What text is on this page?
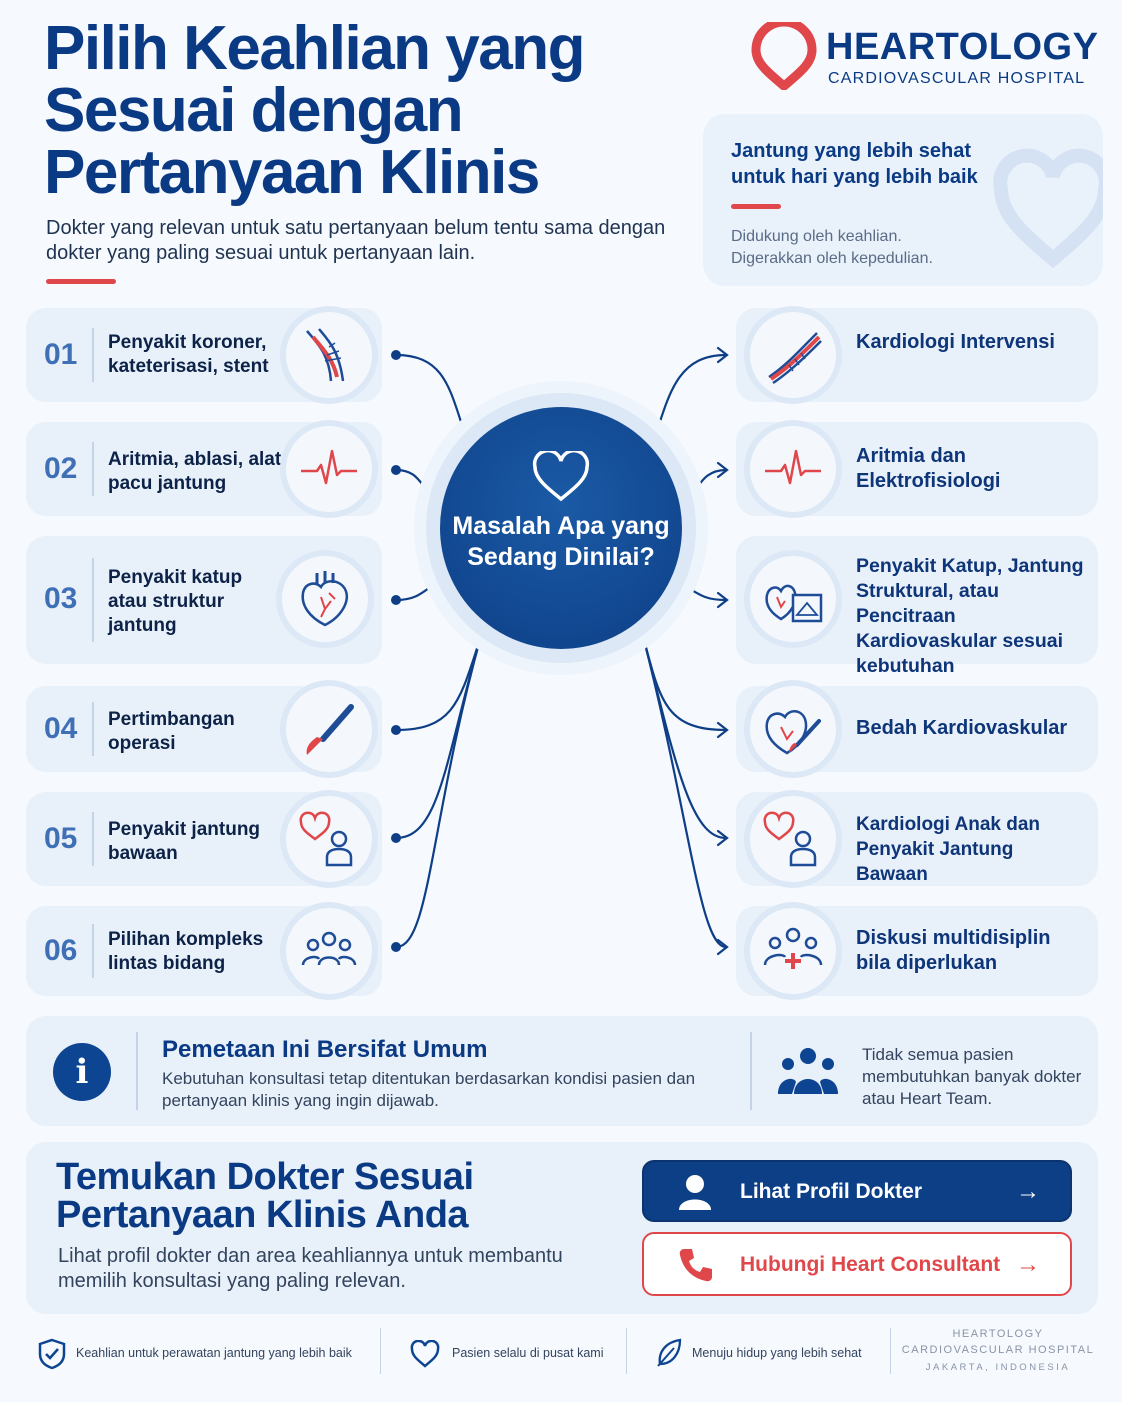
Pilih Keahlian yang
Sesuai dengan
Pertanyaan Klinis
Dokter yang relevan untuk satu pertanyaan belum tentu sama dengan dokter yang paling sesuai untuk pertanyaan lain.
HEARTOLOGY
CARDIOVASCULAR HOSPITAL
Jantung yang lebih sehat untuk hari yang lebih baik
Didukung oleh keahlian.
Digerakkan oleh kepedulian.
Masalah Apa yang Sedang Dinilai?
01 Penyakit koroner, kateterisasi, stent
02 Aritmia, ablasi, alat pacu jantung
03
Penyakit katup atau struktur jantung
04 Pertimbangan operasi
05 Penyakit jantung bawaan
06 Pilihan kompleks lintas bidang
Kardiologi Intervensi
Aritmia dan Elektrofisiologi
Penyakit Katup, Jantung Struktural, atau Pencitraan Kardiovaskular sesuai kebutuhan
Bedah Kardiovaskular
Kardiologi Anak dan Penyakit Jantung Bawaan
Diskusi multidisiplin bila diperlukan
i
Pemetaan Ini Bersifat Umum
Kebutuhan konsultasi tetap ditentukan berdasarkan kondisi pasien dan pertanyaan klinis yang ingin dijawab.
Tidak semua pasien membutuhkan banyak dokter atau Heart Team.
Temukan Dokter Sesuai
Pertanyaan Klinis Anda
Lihat profil dokter dan area keahliannya untuk membantu memilih konsultasi yang paling relevan.
Lihat Profil Dokter	→
Hubungi Heart Consultant →
Keahlian untuk perawatan jantung yang lebih baik	Pasien selalu di pusat kami	Menuju hidup yang lebih sehat
HEARTOLOGY
CARDIOVASCULAR HOSPITAL
JAKARTA, INDONESIA
